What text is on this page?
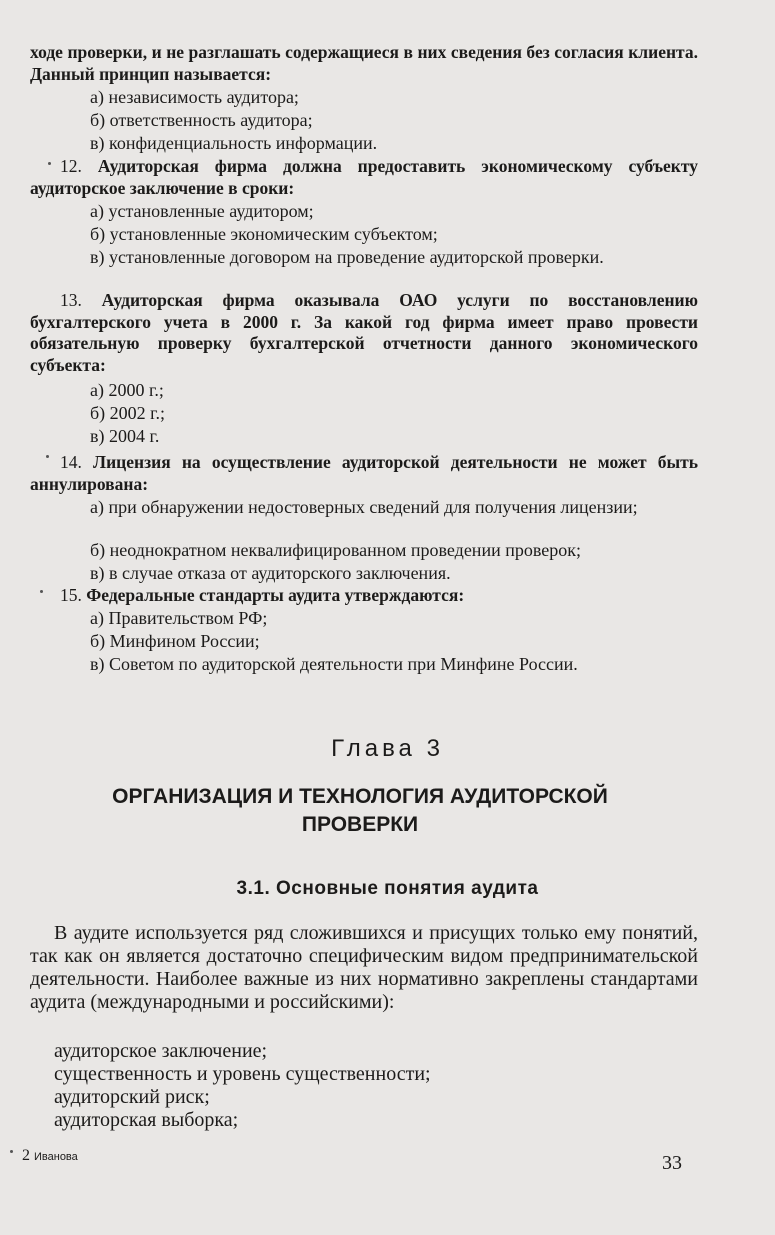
ходе проверки, и не разглашать содержащиеся в них сведения без согласия клиента. Данный принцип называется:

а) независимость аудитора;
б) ответственность аудитора;
в) конфиденциальность информации.

12. Аудиторская фирма должна предоставить экономическому субъекту аудиторское заключение в сроки:

а) установленные аудитором;
б) установленные экономическим субъектом;
в) установленные договором на проведение аудиторской проверки.

13. Аудиторская фирма оказывала ОАО услуги по восстановлению бухгалтерского учета в 2000 г. За какой год фирма имеет право провести обязательную проверку бухгалтерской отчетности данного экономического субъекта:

а) 2000 г.;
б) 2002 г.;
в) 2004 г.

14. Лицензия на осуществление аудиторской деятельности не может быть аннулирована:

а) при обнаружении недостоверных сведений для получения лицензии;
б) неоднократном неквалифицированном проведении проверок;
в) в случае отказа от аудиторского заключения.

15. Федеральные стандарты аудита утверждаются:

а) Правительством РФ;
б) Минфином России;
в) Советом по аудиторской деятельности при Минфине России.
Глава 3
ОРГАНИЗАЦИЯ И ТЕХНОЛОГИЯ АУДИТОРСКОЙ ПРОВЕРКИ
3.1. Основные понятия аудита

В аудите используется ряд сложившихся и присущих только ему понятий, так как он является достаточно специфическим видом предпринимательской деятельности. Наиболее важные из них нормативно закреплены стандартами аудита (международными и российскими):

аудиторское заключение;
существенность и уровень существенности;
аудиторский риск;
аудиторская выборка;
2 Иванова	33
